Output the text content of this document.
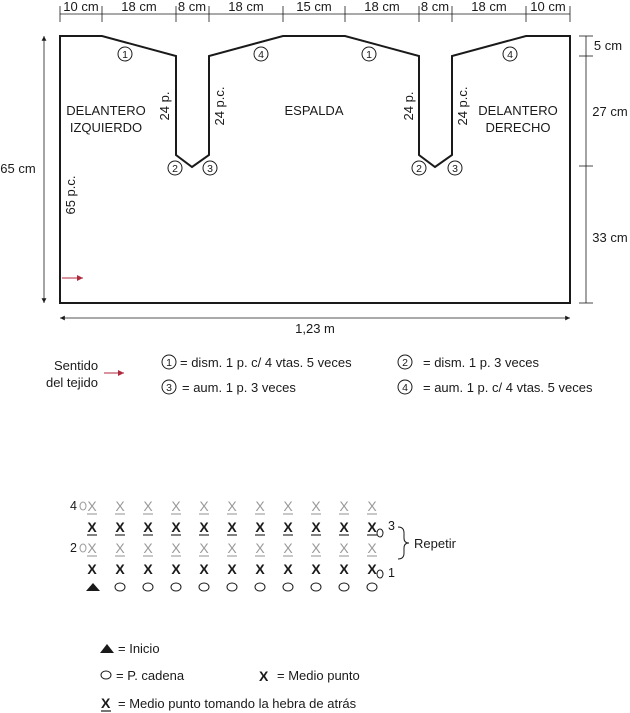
10 cm 18 cm 8 cm 18 cm	15 cm	18 cm 8 cm 18 cm 10 cm
65 cm
5 cm
27 cm
33 cm
1,23 m
DELANTERO
IZQUIERDO
ESPALDA	DELANTERO
DERECHO
24 p.	24 p.c.	24 p.	24 p.c.
65 p.c.
1	4	1	4
2	3	2	3
Sentido
del tejido
1 = dism. 1 p. c/ 4 vtas. 5 veces	2 = dism. 1 p. 3 veces
3 = aum. 1 p. 3 veces	4 = aum. 1 p. c/ 4 vtas. 5 veces
4
2
3
1
Repetir
X X X X X X X X X X X
X X X X X X X X X X X
X X X X X X X X X X X
X X X X X X X X X X X
= Inicio
= P. cadena	X = Medio punto
X = Medio punto tomando la hebra de atrás
